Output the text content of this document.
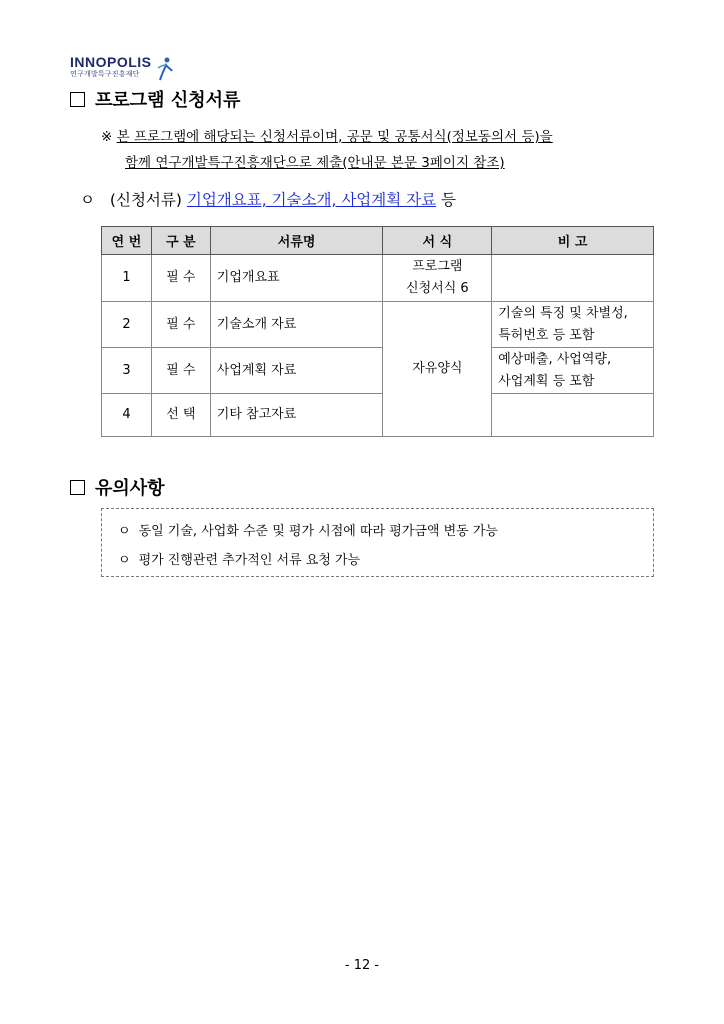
INNOPOLIS
연구개발특구진흥재단
프로그램 신청서류
※ 본 프로그램에 해당되는 신청서류이며, 공문 및 공통서식(정보동의서 등)을
함께 연구개발특구진흥재단으로 제출(안내문 본문 3페이지 참조)
ㅇ (신청서류) 기업개요표, 기술소개, 사업계획 자료 등
연 번	구 분	서류명	서 식	비 고
1	필 수	기업개요표	프로그램
신청서식 6	

2	필 수	기술소개 자료	자유양식	기술의 특징 및 차별성,
특허번호 등 포함

3	필 수	사업계획 자료		예상매출, 사업역량,
사업계획 등 포함

4	선 택	기타 참고자료		
유의사항
ㅇ 동일 기술, 사업화 수준 및 평가 시점에 따라 평가금액 변동 가능
ㅇ 평가 진행관련 추가적인 서류 요청 가능
- 12 -
